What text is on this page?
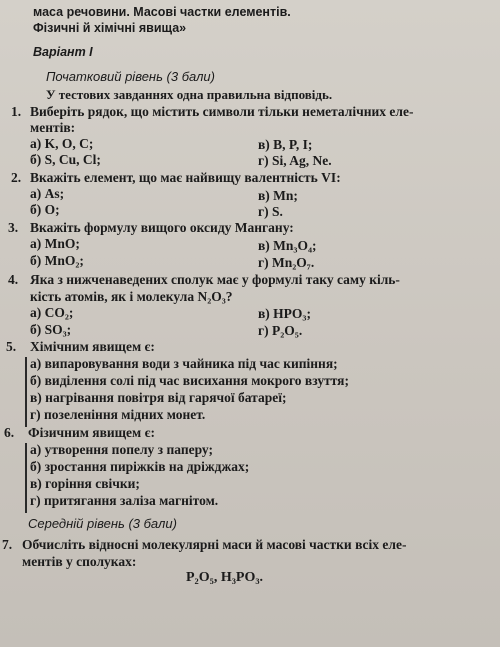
маса речовини. Масові частки елементів.
Фізичні й хімічні явища»
Варіант І
Початковий рівень (3 бали)
У тестових завданнях одна правильна відповідь.
1. Виберіть рядок, що містить символи тільки неметалічних еле-
ментів:
а) K, O, C;	в) B, P, I;
б) S, Cu, Cl;	г) Si, Ag, Ne.
2. Вкажіть елемент, що має найвищу валентність VI:
а) As;	в) Mn;
б) O;	г) S.
3. Вкажіть формулу вищого оксиду Мангану:
а) MnO;	в) Mn₃O₄;
б) MnO₂;	г) Mn₂O₇.
4. Яка з нижченаведених сполук має у формулі таку саму кіль-
кість атомів, як і молекула N₂O₃?
а) CO₂;	в) HPO₃;
б) SO₃;	г) P₂O₅.
5. Хімічним явищем є:
а) випаровування води з чайника під час кипіння;
б) виділення солі під час висихання мокрого взуття;
в) нагрівання повітря від гарячої батареї;
г) позеленіння мідних монет.
6. Фізичним явищем є:
а) утворення попелу з паперу;
б) зростання пиріжків на дріжджах;
в) горіння свічки;
г) притягання заліза магнітом.
Середній рівень (3 бали)
7. Обчисліть відносні молекулярні маси й масові частки всіх еле-
ментів у сполуках:
P₂O₅, H₃PO₃.
